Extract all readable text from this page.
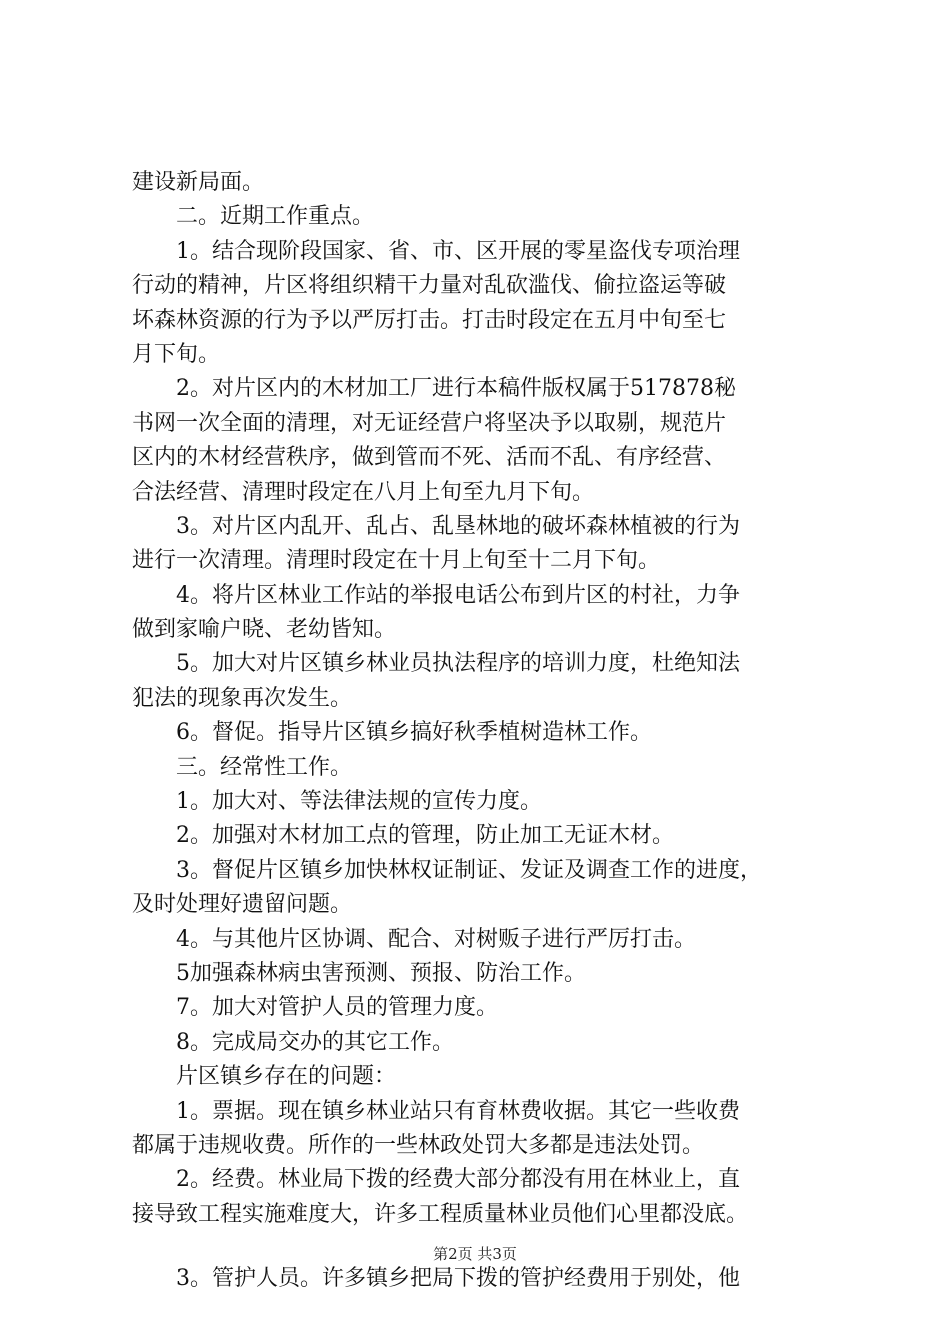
建设新局面。
二。近期工作重点。
1。结合现阶段国家、省、市、区开展的零星盗伐专项治理
行动的精神，片区将组织精干力量对乱砍滥伐、偷拉盗运等破
坏森林资源的行为予以严厉打击。打击时段定在五月中旬至七
月下旬。
2。对片区内的木材加工厂进行本稿件版权属于517878秘
书网一次全面的清理，对无证经营户将坚决予以取剔，规范片
区内的木材经营秩序，做到管而不死、活而不乱、有序经营、
合法经营、清理时段定在八月上旬至九月下旬。
3。对片区内乱开、乱占、乱垦林地的破坏森林植被的行为
进行一次清理。清理时段定在十月上旬至十二月下旬。
4。将片区林业工作站的举报电话公布到片区的村社，力争
做到家喻户晓、老幼皆知。
5。加大对片区镇乡林业员执法程序的培训力度，杜绝知法
犯法的现象再次发生。
6。督促。指导片区镇乡搞好秋季植树造林工作。
三。经常性工作。
1。加大对、等法律法规的宣传力度。
2。加强对木材加工点的管理，防止加工无证木材。
3。督促片区镇乡加快林权证制证、发证及调查工作的进度，
及时处理好遗留问题。
4。与其他片区协调、配合、对树贩子进行严厉打击。
5加强森林病虫害预测、预报、防治工作。
7。加大对管护人员的管理力度。
8。完成局交办的其它工作。
片区镇乡存在的问题：
1。票据。现在镇乡林业站只有育林费收据。其它一些收费
都属于违规收费。所作的一些林政处罚大多都是违法处罚。
2。经费。林业局下拨的经费大部分都没有用在林业上，直
接导致工程实施难度大，许多工程质量林业员他们心里都没底。
3。管护人员。许多镇乡把局下拨的管护经费用于别处，他
第2页 共3页
